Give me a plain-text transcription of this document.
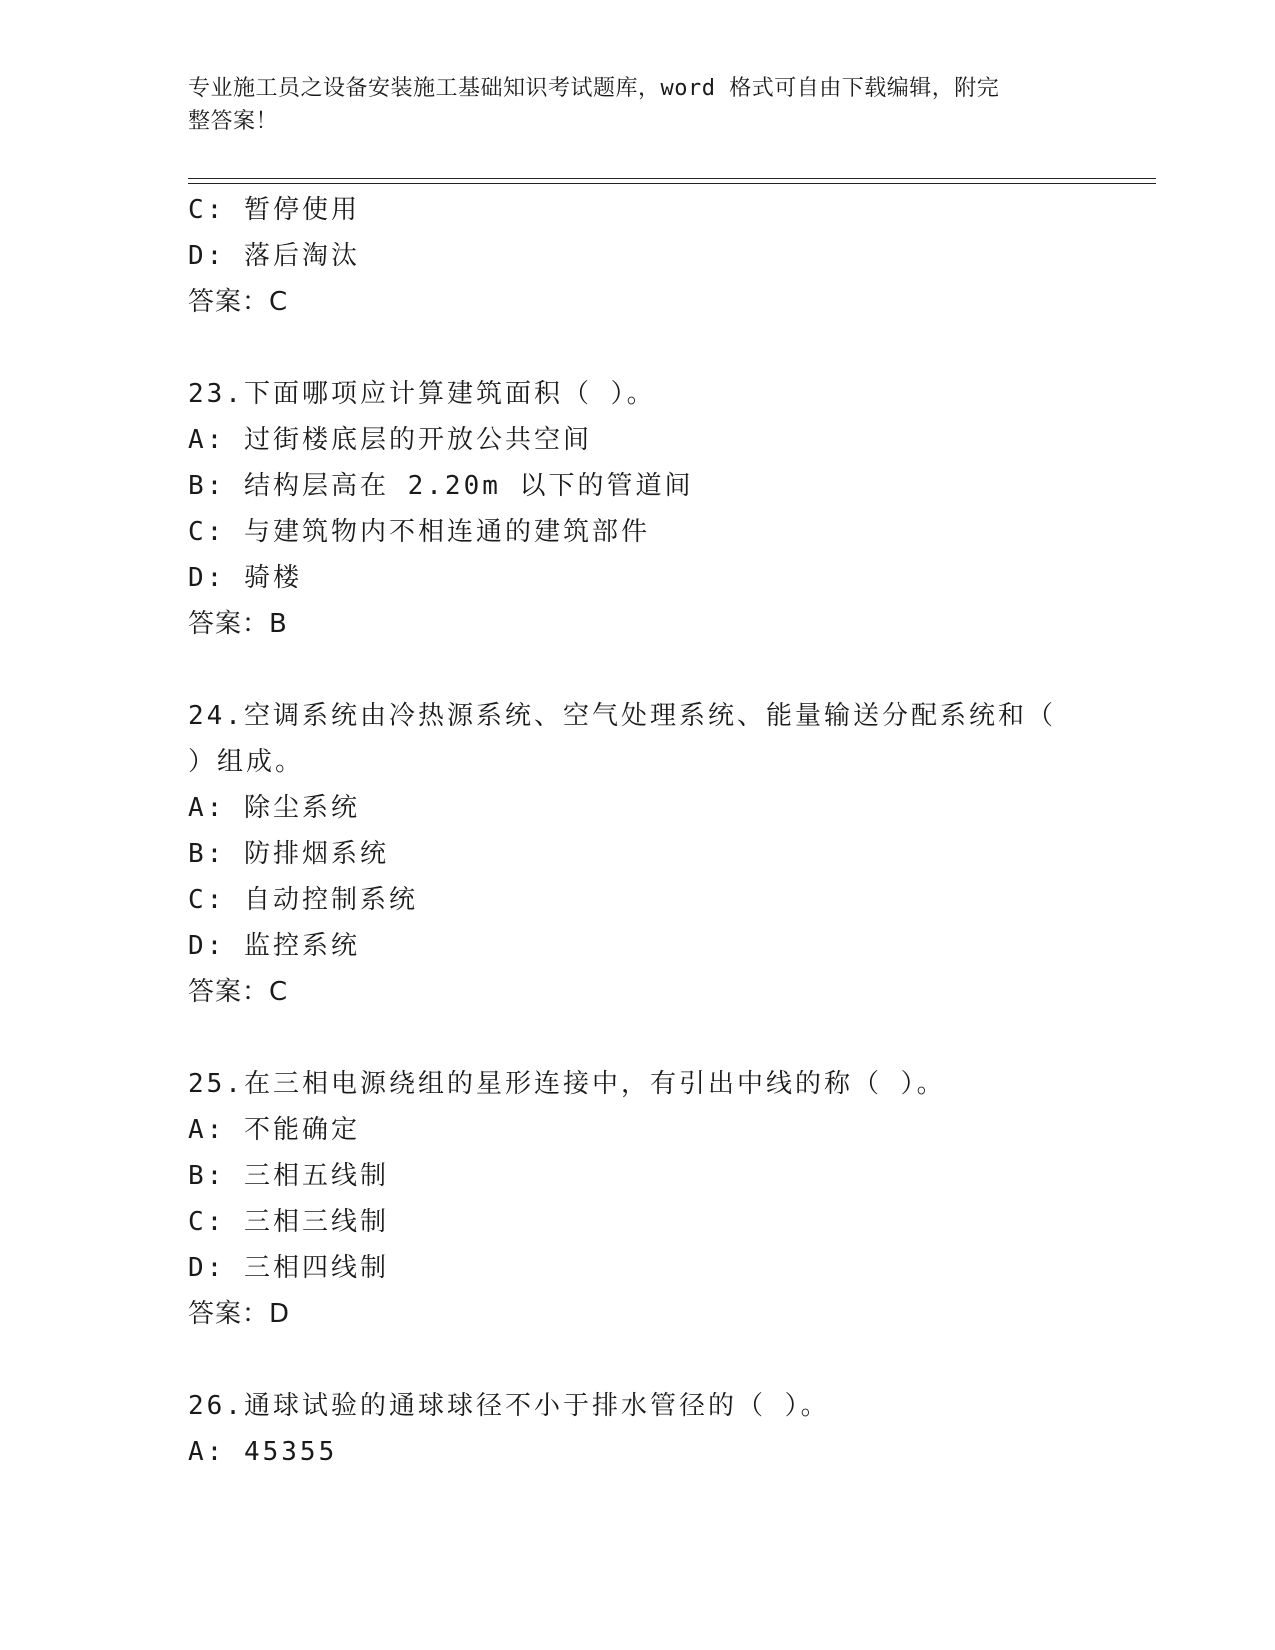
专业施工员之设备安装施工基础知识考试题库，word 格式可自由下载编辑，附完
整答案！
C: 暂停使用
D: 落后淘汰
答案：C
23.下面哪项应计算建筑面积（ ）。
A: 过街楼底层的开放公共空间
B: 结构层高在 2.20m 以下的管道间
C: 与建筑物内不相连通的建筑部件
D: 骑楼
答案：B
24.空调系统由冷热源系统、空气处理系统、能量输送分配系统和（
）组成。
A: 除尘系统
B: 防排烟系统
C: 自动控制系统
D: 监控系统
答案：C
25.在三相电源绕组的星形连接中，有引出中线的称（ ）。
A: 不能确定
B: 三相五线制
C: 三相三线制
D: 三相四线制
答案：D
26.通球试验的通球球径不小于排水管径的（ ）。
A: 45355
